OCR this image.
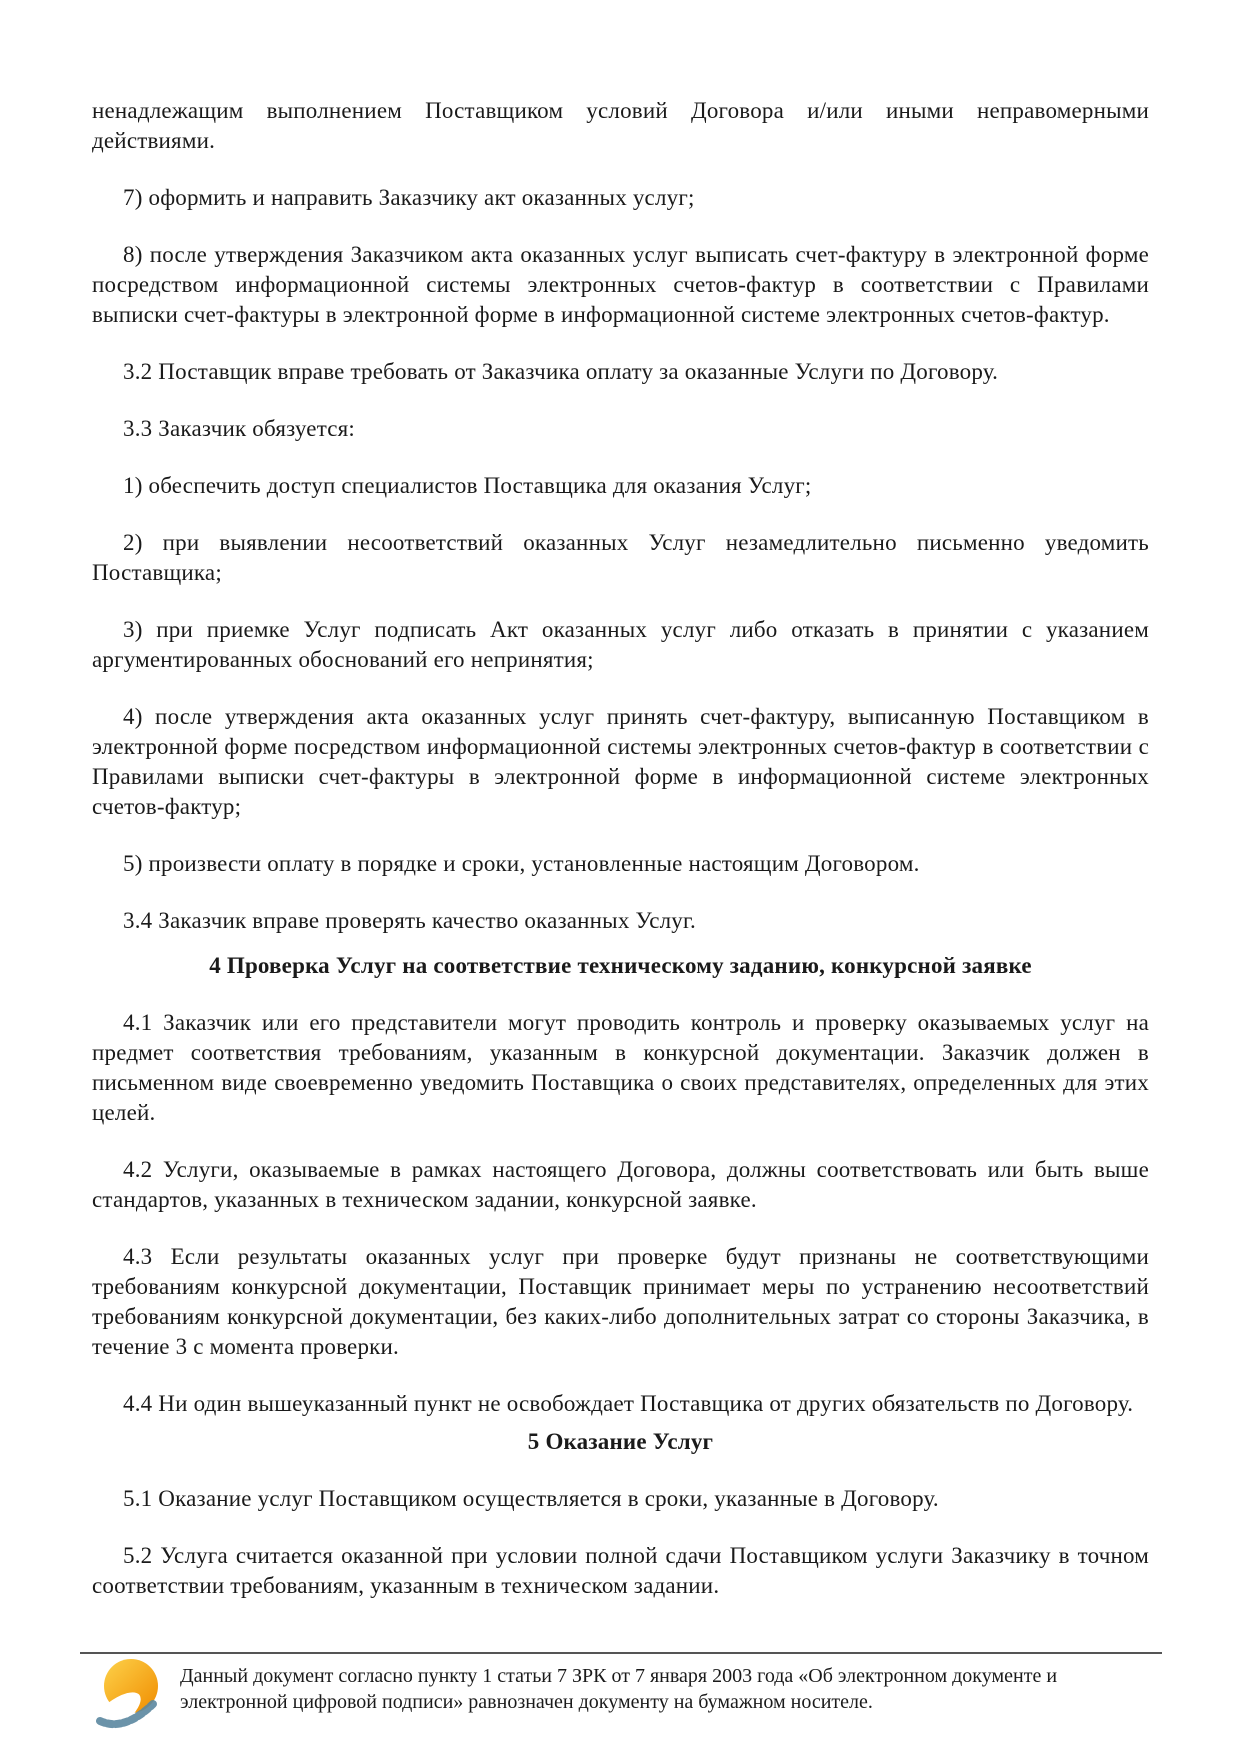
ненадлежащим выполнением Поставщиком условий Договора и/или иными неправомерными действиями.

7) оформить и направить Заказчику акт оказанных услуг;

8) после утверждения Заказчиком акта оказанных услуг выписать счет-фактуру в электронной форме посредством информационной системы электронных счетов-фактур в соответствии с Правилами выписки счет-фактуры в электронной форме в информационной системе электронных счетов-фактур.

3.2 Поставщик вправе требовать от Заказчика оплату за оказанные Услуги по Договору.

3.3 Заказчик обязуется:

1) обеспечить доступ специалистов Поставщика для оказания Услуг;

2) при выявлении несоответствий оказанных Услуг незамедлительно письменно уведомить Поставщика;

3) при приемке Услуг подписать Акт оказанных услуг либо отказать в принятии с указанием аргументированных обоснований его непринятия;

4) после утверждения акта оказанных услуг принять счет-фактуру, выписанную Поставщиком в электронной форме посредством информационной системы электронных счетов-фактур в соответствии с Правилами выписки счет-фактуры в электронной форме в информационной системе электронных счетов-фактур;

5) произвести оплату в порядке и сроки, установленные настоящим Договором.

3.4 Заказчик вправе проверять качество оказанных Услуг.

4 Проверка Услуг на соответствие техническому заданию, конкурсной заявке

4.1 Заказчик или его представители могут проводить контроль и проверку оказываемых услуг на предмет соответствия требованиям, указанным в конкурсной документации. Заказчик должен в письменном виде своевременно уведомить Поставщика о своих представителях, определенных для этих целей.

4.2 Услуги, оказываемые в рамках настоящего Договора, должны соответствовать или быть выше стандартов, указанных в техническом задании, конкурсной заявке.

4.3 Если результаты оказанных услуг при проверке будут признаны не соответствующими требованиям конкурсной документации, Поставщик принимает меры по устранению несоответствий требованиям конкурсной документации, без каких-либо дополнительных затрат со стороны Заказчика, в течение 3 с момента проверки.

4.4 Ни один вышеуказанный пункт не освобождает Поставщика от других обязательств по Договору.

5 Оказание Услуг

5.1 Оказание услуг Поставщиком осуществляется в сроки, указанные в Договору.

5.2 Услуга считается оказанной при условии полной сдачи Поставщиком услуги Заказчику в точном соответствии требованиям, указанным в техническом задании.

Данный документ согласно пункту 1 статьи 7 ЗРК от 7 января 2003 года «Об электронном документе и электронной цифровой подписи» равнозначен документу на бумажном носителе.
